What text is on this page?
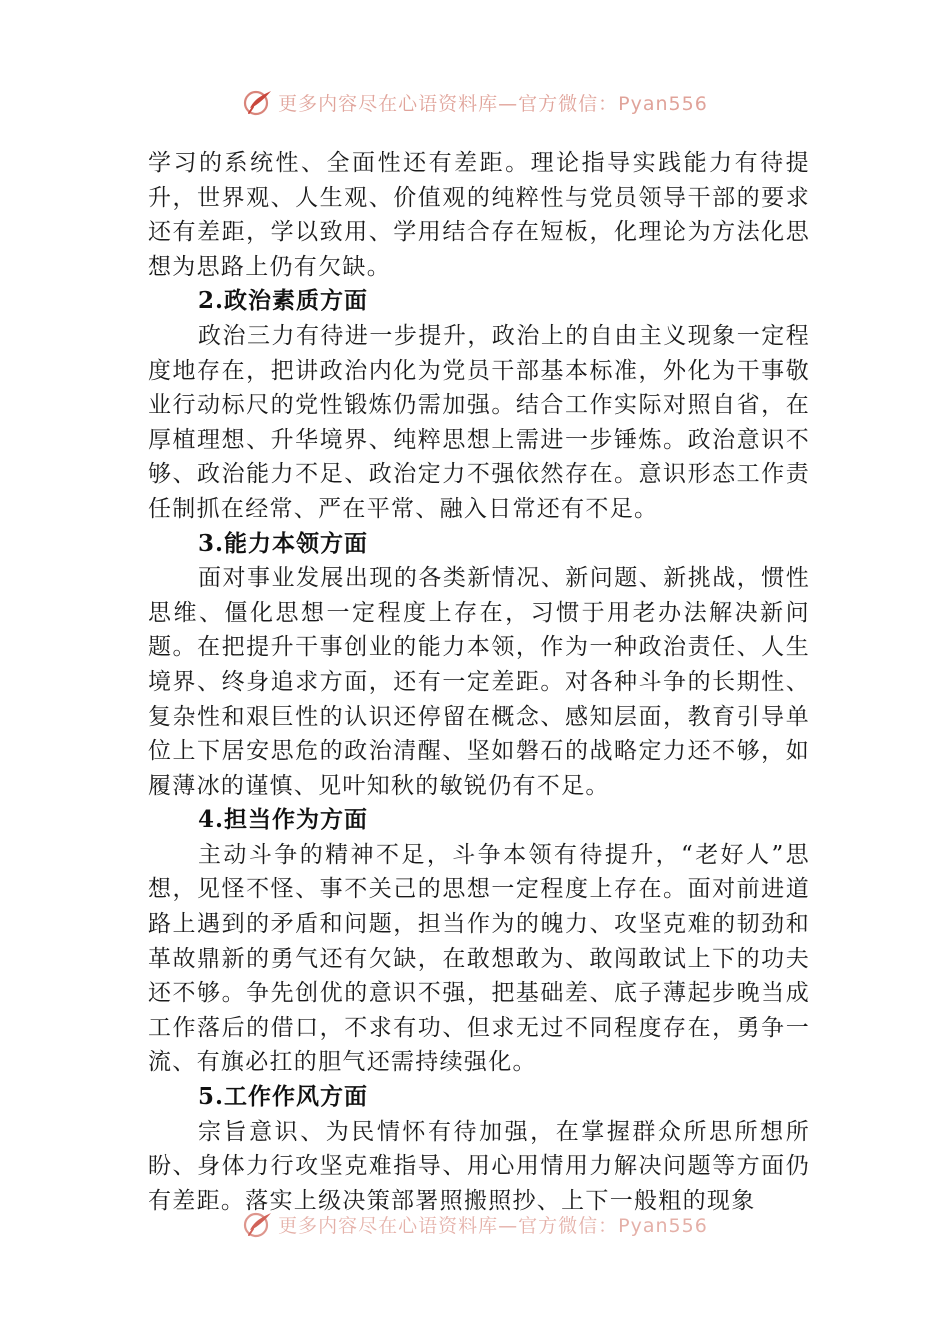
更多内容尽在心语资料库—官方微信：Pyan556

学习的系统性、全面性还有差距。理论指导实践能力有待提升，世界观、人生观、价值观的纯粹性与党员领导干部的要求还有差距，学以致用、学用结合存在短板，化理论为方法化思想为思路上仍有欠缺。

2.政治素质方面

政治三力有待进一步提升，政治上的自由主义现象一定程度地存在，把讲政治内化为党员干部基本标准，外化为干事敬业行动标尺的党性锻炼仍需加强。结合工作实际对照自省，在厚植理想、升华境界、纯粹思想上需进一步锤炼。政治意识不够、政治能力不足、政治定力不强依然存在。意识形态工作责任制抓在经常、严在平常、融入日常还有不足。

3.能力本领方面

面对事业发展出现的各类新情况、新问题、新挑战，惯性思维、僵化思想一定程度上存在，习惯于用老办法解决新问题。在把提升干事创业的能力本领，作为一种政治责任、人生境界、终身追求方面，还有一定差距。对各种斗争的长期性、复杂性和艰巨性的认识还停留在概念、感知层面，教育引导单位上下居安思危的政治清醒、坚如磐石的战略定力还不够，如履薄冰的谨慎、见叶知秋的敏锐仍有不足。

4.担当作为方面

主动斗争的精神不足，斗争本领有待提升，“老好人”思想，见怪不怪、事不关己的思想一定程度上存在。面对前进道路上遇到的矛盾和问题，担当作为的魄力、攻坚克难的韧劲和革故鼎新的勇气还有欠缺，在敢想敢为、敢闯敢试上下的功夫还不够。争先创优的意识不强，把基础差、底子薄起步晚当成工作落后的借口，不求有功、但求无过不同程度存在，勇争一流、有旗必扛的胆气还需持续强化。

5.工作作风方面

宗旨意识、为民情怀有待加强，在掌握群众所思所想所盼、身体力行攻坚克难指导、用心用情用力解决问题等方面仍有差距。落实上级决策部署照搬照抄、上下一般粗的现象

更多内容尽在心语资料库—官方微信：Pyan556
